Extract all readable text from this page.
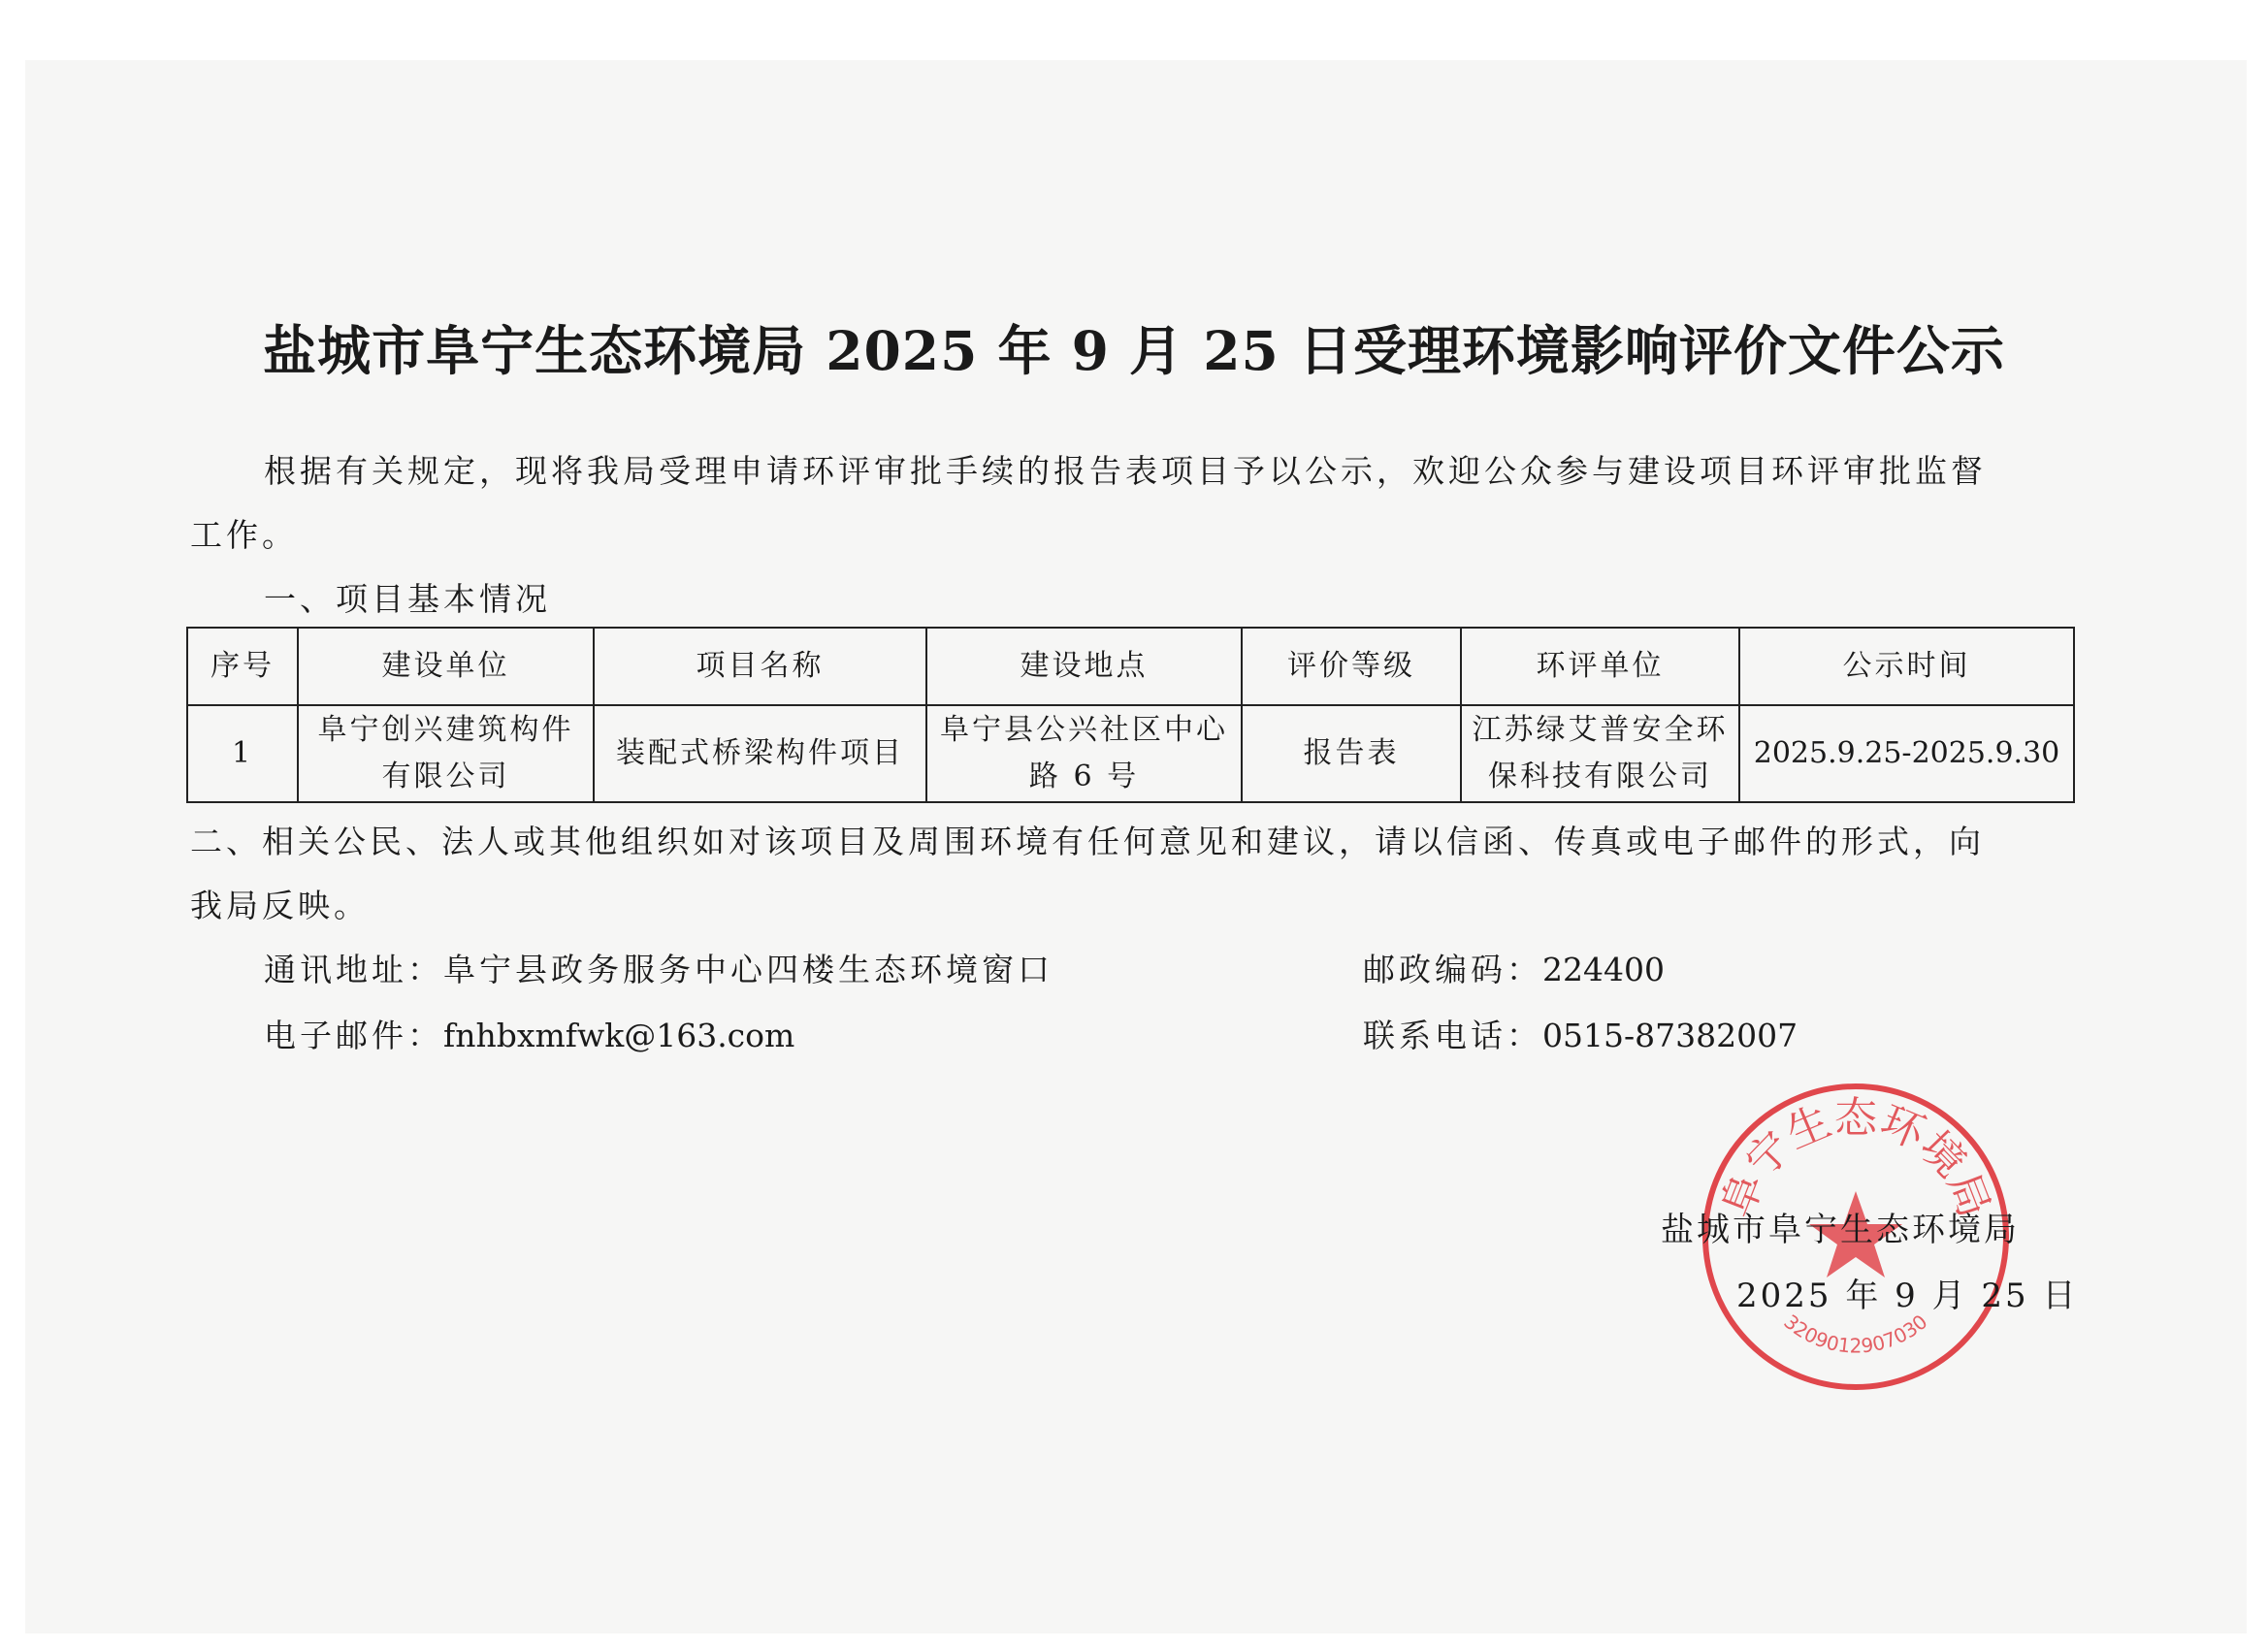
盐城市阜宁生态环境局 2025 年 9 月 25 日受理环境影响评价文件公示
根据有关规定，现将我局受理申请环评审批手续的报告表项目予以公示，欢迎公众参与建设项目环评审批监督
工作。
一、项目基本情况
序号	建设单位	项目名称	建设地点	评价等级	环评单位	公示时间
1	阜宁创兴建筑构件有限公司	装配式桥梁构件项目	阜宁县公兴社区中心路 6 号	报告表	江苏绿艾普安全环保科技有限公司	2025.9.25-2025.9.30
二、相关公民、法人或其他组织如对该项目及周围环境有任何意见和建议，请以信函、传真或电子邮件的形式，向
我局反映。
通讯地址：阜宁县政务服务中心四楼生态环境窗口	邮政编码：224400
电子邮件：fnhbxmfwk@163.com	联系电话：0515-87382007
阜宁生态环境局
3209012907030
盐城市阜宁生态环境局
2025 年 9 月 25 日
